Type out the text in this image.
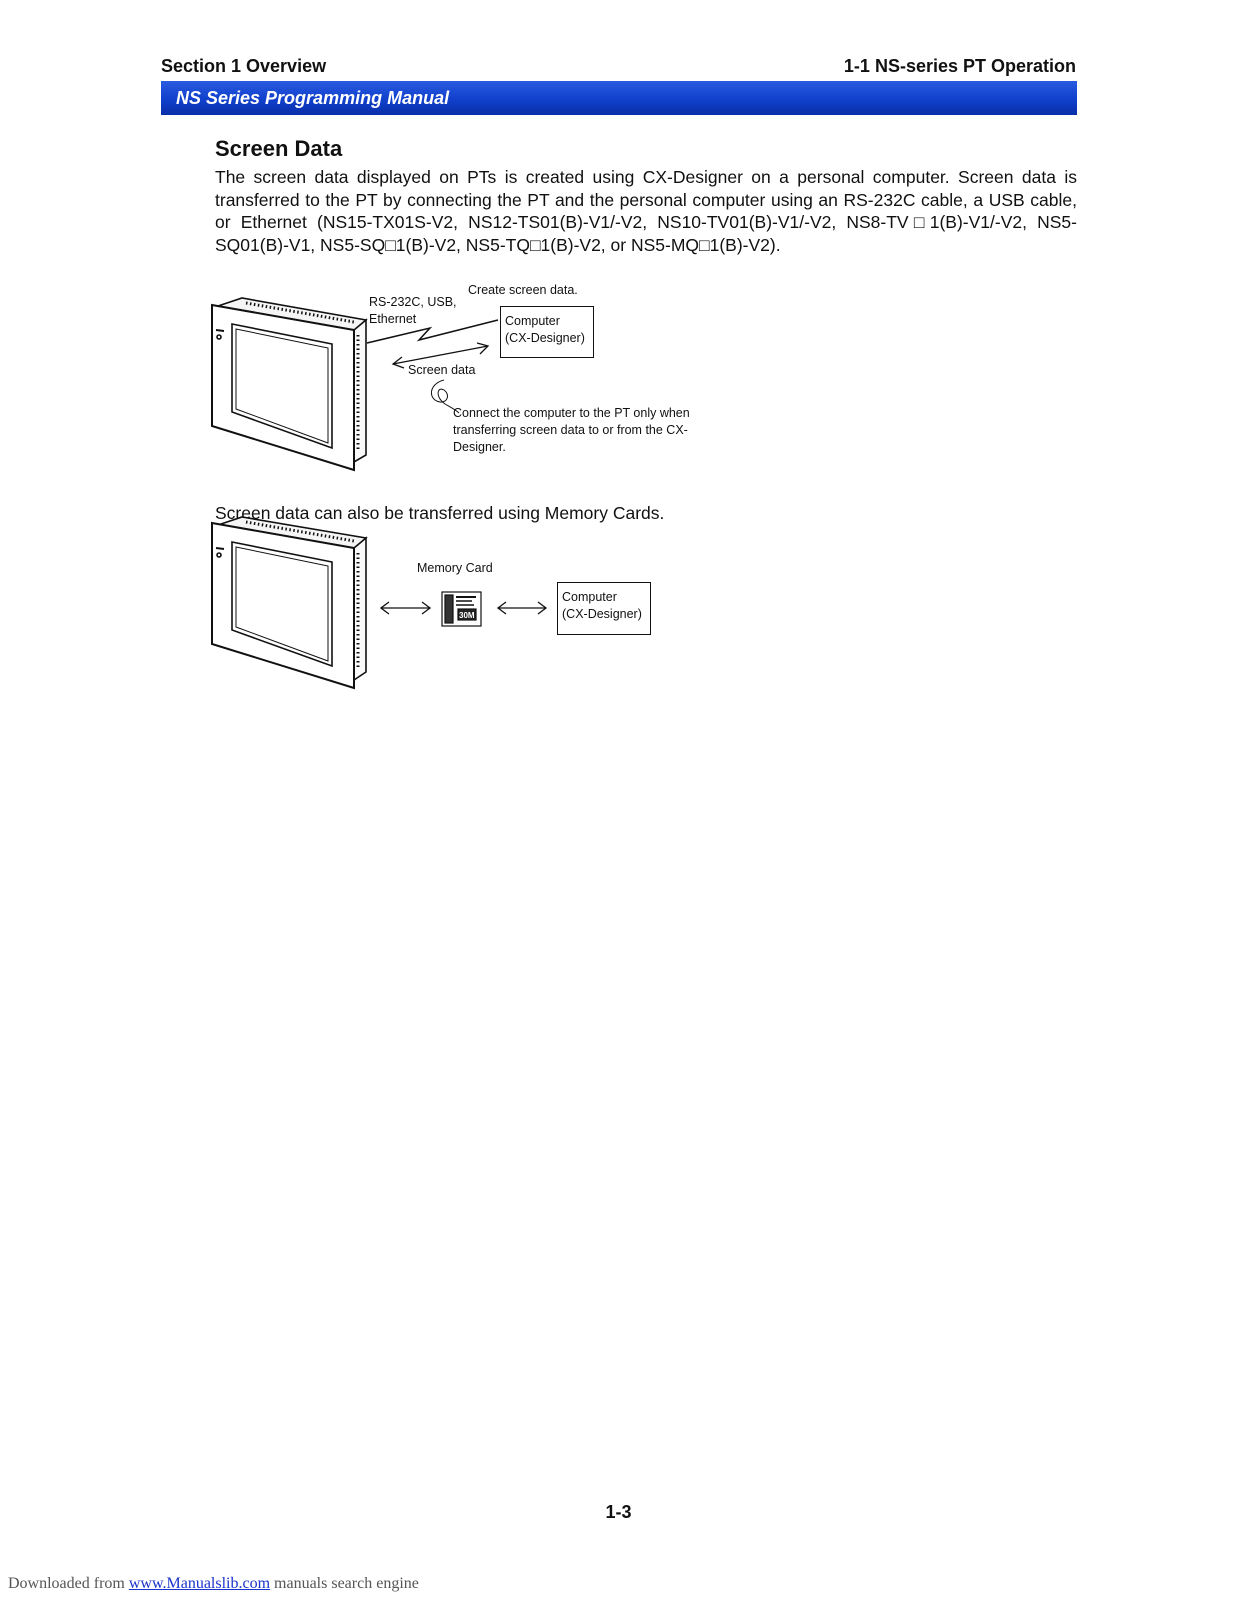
Section 1 Overview	1-1 NS-series PT Operation
NS Series Programming Manual
Screen Data
The screen data displayed on PTs is created using CX-Designer on a personal computer. Screen data is transferred to the PT by connecting the PT and the personal computer using an RS-232C cable, a USB cable, or Ethernet (NS15-TX01S-V2, NS12-TS01(B)-V1/-V2, NS10-TV01(B)-V1/-V2, NS8-TV□1(B)-V1/-V2, NS5-SQ01(B)-V1, NS5-SQ□1(B)-V2, NS5-TQ□1(B)-V2, or NS5-MQ□1(B)-V2).
RS-232C, USB,
Ethernet
Create screen data.
Computer
(CX-Designer)
Screen data
Connect the computer to the PT only when
transferring screen data to or from the CX-
Designer.
Screen data can also be transferred using Memory Cards.
30M
Memory Card
Computer
(CX-Designer)
1-3
Downloaded from www.Manualslib.com manuals search engine
